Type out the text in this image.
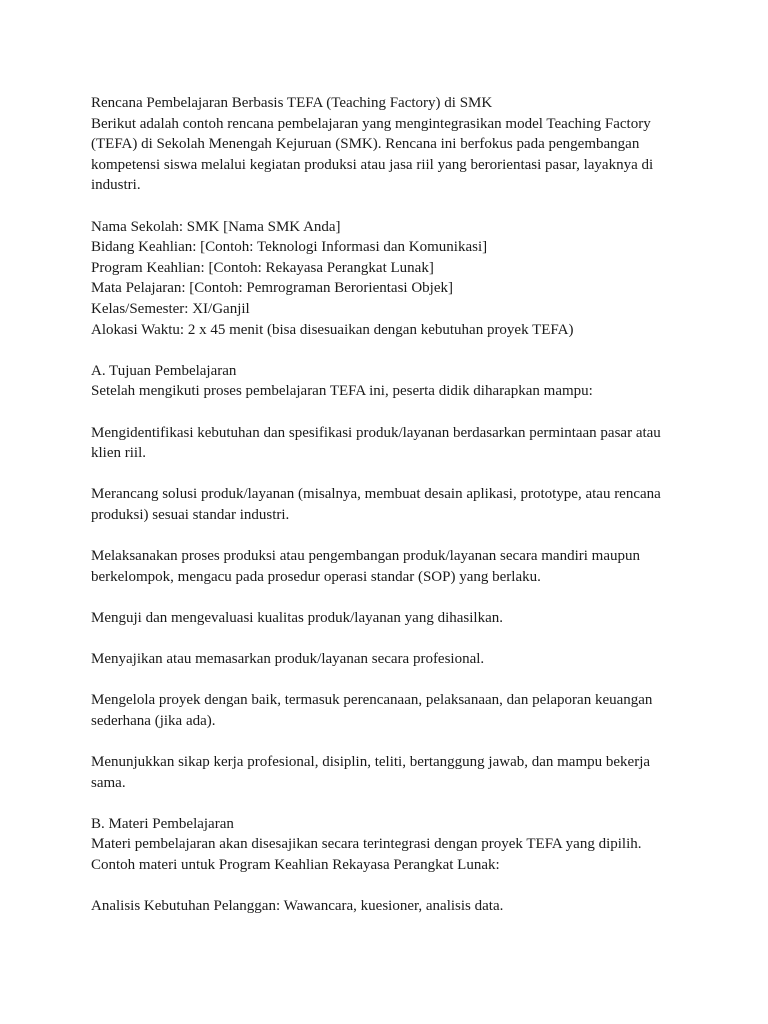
Rencana Pembelajaran Berbasis TEFA (Teaching Factory) di SMK

Berikut adalah contoh rencana pembelajaran yang mengintegrasikan model Teaching Factory (TEFA) di Sekolah Menengah Kejuruan (SMK). Rencana ini berfokus pada pengembangan kompetensi siswa melalui kegiatan produksi atau jasa riil yang berorientasi pasar, layaknya di industri.

Nama Sekolah: SMK [Nama SMK Anda]

Bidang Keahlian: [Contoh: Teknologi Informasi dan Komunikasi]

Program Keahlian: [Contoh: Rekayasa Perangkat Lunak]

Mata Pelajaran: [Contoh: Pemrograman Berorientasi Objek]

Kelas/Semester: XI/Ganjil

Alokasi Waktu: 2 x 45 menit (bisa disesuaikan dengan kebutuhan proyek TEFA)

A. Tujuan Pembelajaran

Setelah mengikuti proses pembelajaran TEFA ini, peserta didik diharapkan mampu:

Mengidentifikasi kebutuhan dan spesifikasi produk/layanan berdasarkan permintaan pasar atau klien riil.

Merancang solusi produk/layanan (misalnya, membuat desain aplikasi, prototype, atau rencana produksi) sesuai standar industri.

Melaksanakan proses produksi atau pengembangan produk/layanan secara mandiri maupun berkelompok, mengacu pada prosedur operasi standar (SOP) yang berlaku.

Menguji dan mengevaluasi kualitas produk/layanan yang dihasilkan.

Menyajikan atau memasarkan produk/layanan secara profesional.

Mengelola proyek dengan baik, termasuk perencanaan, pelaksanaan, dan pelaporan keuangan sederhana (jika ada).

Menunjukkan sikap kerja profesional, disiplin, teliti, bertanggung jawab, dan mampu bekerja sama.

B. Materi Pembelajaran

Materi pembelajaran akan disesajikan secara terintegrasi dengan proyek TEFA yang dipilih.

Contoh materi untuk Program Keahlian Rekayasa Perangkat Lunak:

Analisis Kebutuhan Pelanggan: Wawancara, kuesioner, analisis data.
